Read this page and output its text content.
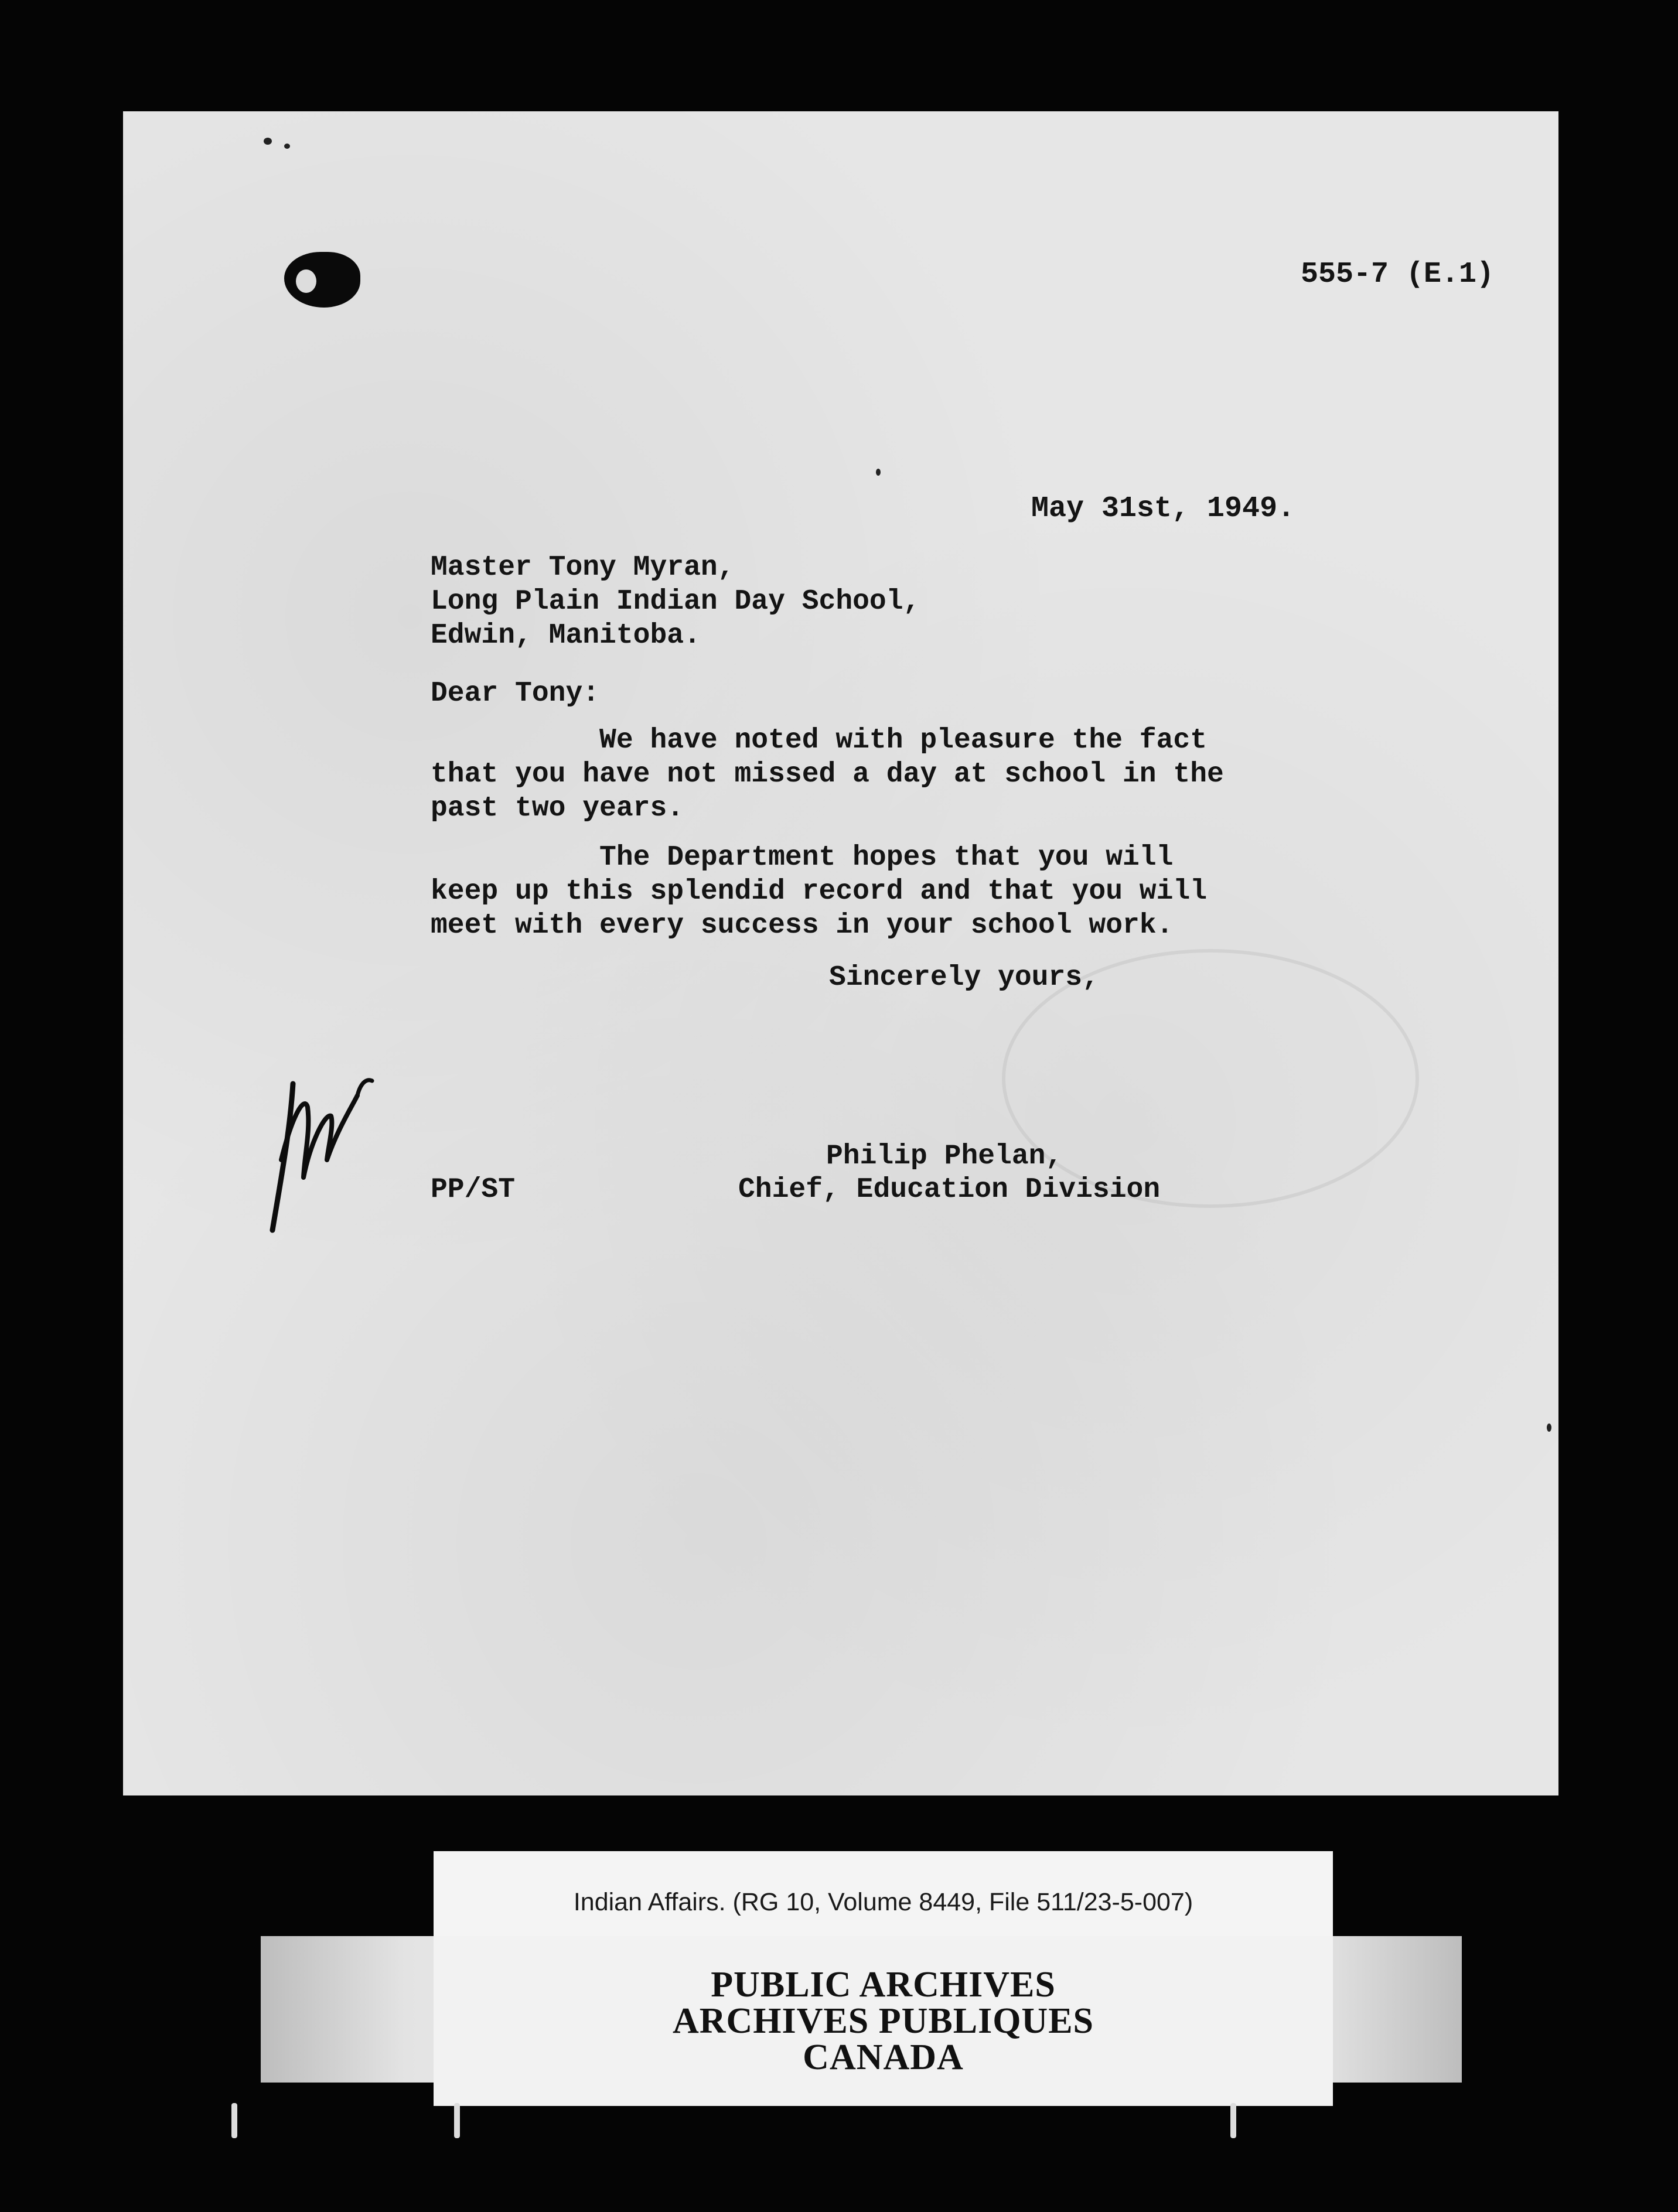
555-7 (E.1)
May 31st, 1949.
Master Tony Myran,
Long Plain Indian Day School,
Edwin, Manitoba.
Dear Tony:
We have noted with pleasure the fact
that you have not missed a day at school in the
past two years.
The Department hopes that you will
keep up this splendid record and that you will
meet with every success in your school work.
Sincerely yours,
Philip Phelan,
Chief, Education Division
PP/ST
Indian Affairs. (RG 10, Volume 8449, File 511/23-5-007)
PUBLIC ARCHIVES
ARCHIVES PUBLIQUES
CANADA
